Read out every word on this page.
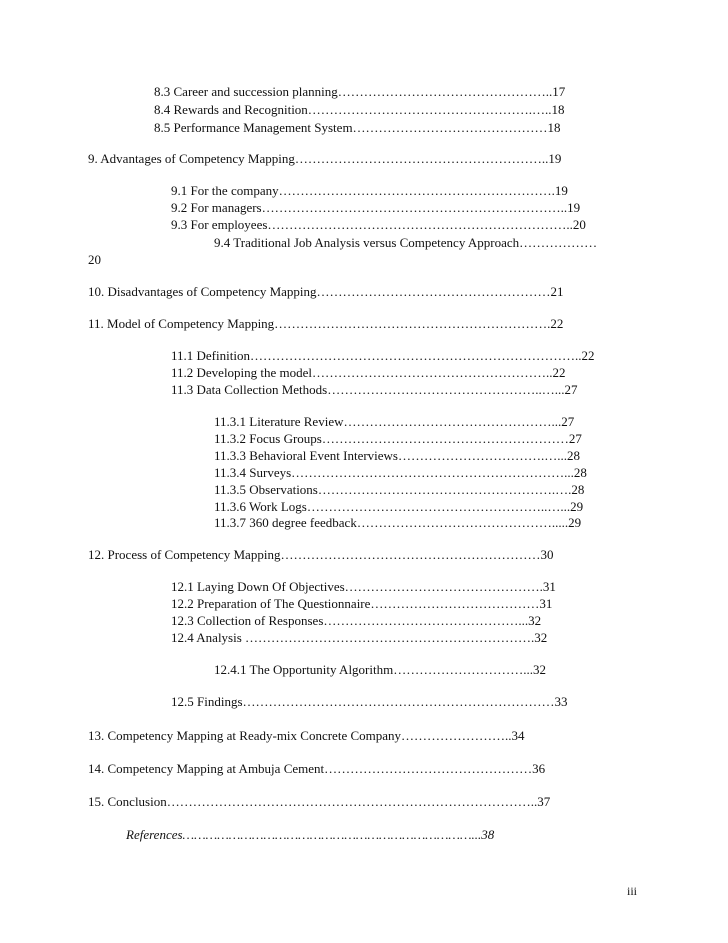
8.3 Career and succession planning…………………………………………..17
8.4 Rewards and Recognition…………………………………………….…..18
8.5 Performance Management System………………………………………18
9. Advantages of Competency Mapping…………………………………………………..19
9.1 For the company……………………………………………………….19
9.2 For managers……………………………………………………………..19
9.3 For employees……………………………………………………………..20
9.4 Traditional Job Analysis versus Competency Approach………………
20
10. Disadvantages of Competency Mapping………………………………………………21
11. Model of Competency Mapping……………………………………………………….22
11.1 Definition…………………………………………………………………..22
11.2 Developing the model………………………………………………..22
11.3 Data Collection Methods…………………………………………..…...27
11.3.1 Literature Review…………………………………………...27
11.3.2 Focus Groups…………………………………………………27
11.3.3 Behavioral Event Interviews…………………………….…...28
11.3.4 Surveys………………………………………………………...28
11.3.5 Observations……………………………………………….….28
11.3.6 Work Logs………………………………………………..…...29
11.3.7 360 degree feedback……………………………………….....29
12. Process of Competency Mapping……………………………………………………30
12.1 Laying Down Of Objectives……………………………………….31
12.2 Preparation of The Questionnaire…………………………………31
12.3 Collection of Responses………………………………………...32
12.4 Analysis ………………………………………………………….32
12.4.1 The Opportunity Algorithm…………………………...32
12.5 Findings………………………………………………………………33
13. Competency Mapping at Ready-mix Concrete Company……………………..34
14. Competency Mapping at Ambuja Cement…………………………………………36
15. Conclusion…………………………………………………………………………..37
References…………………………………………………………………...38
iii
